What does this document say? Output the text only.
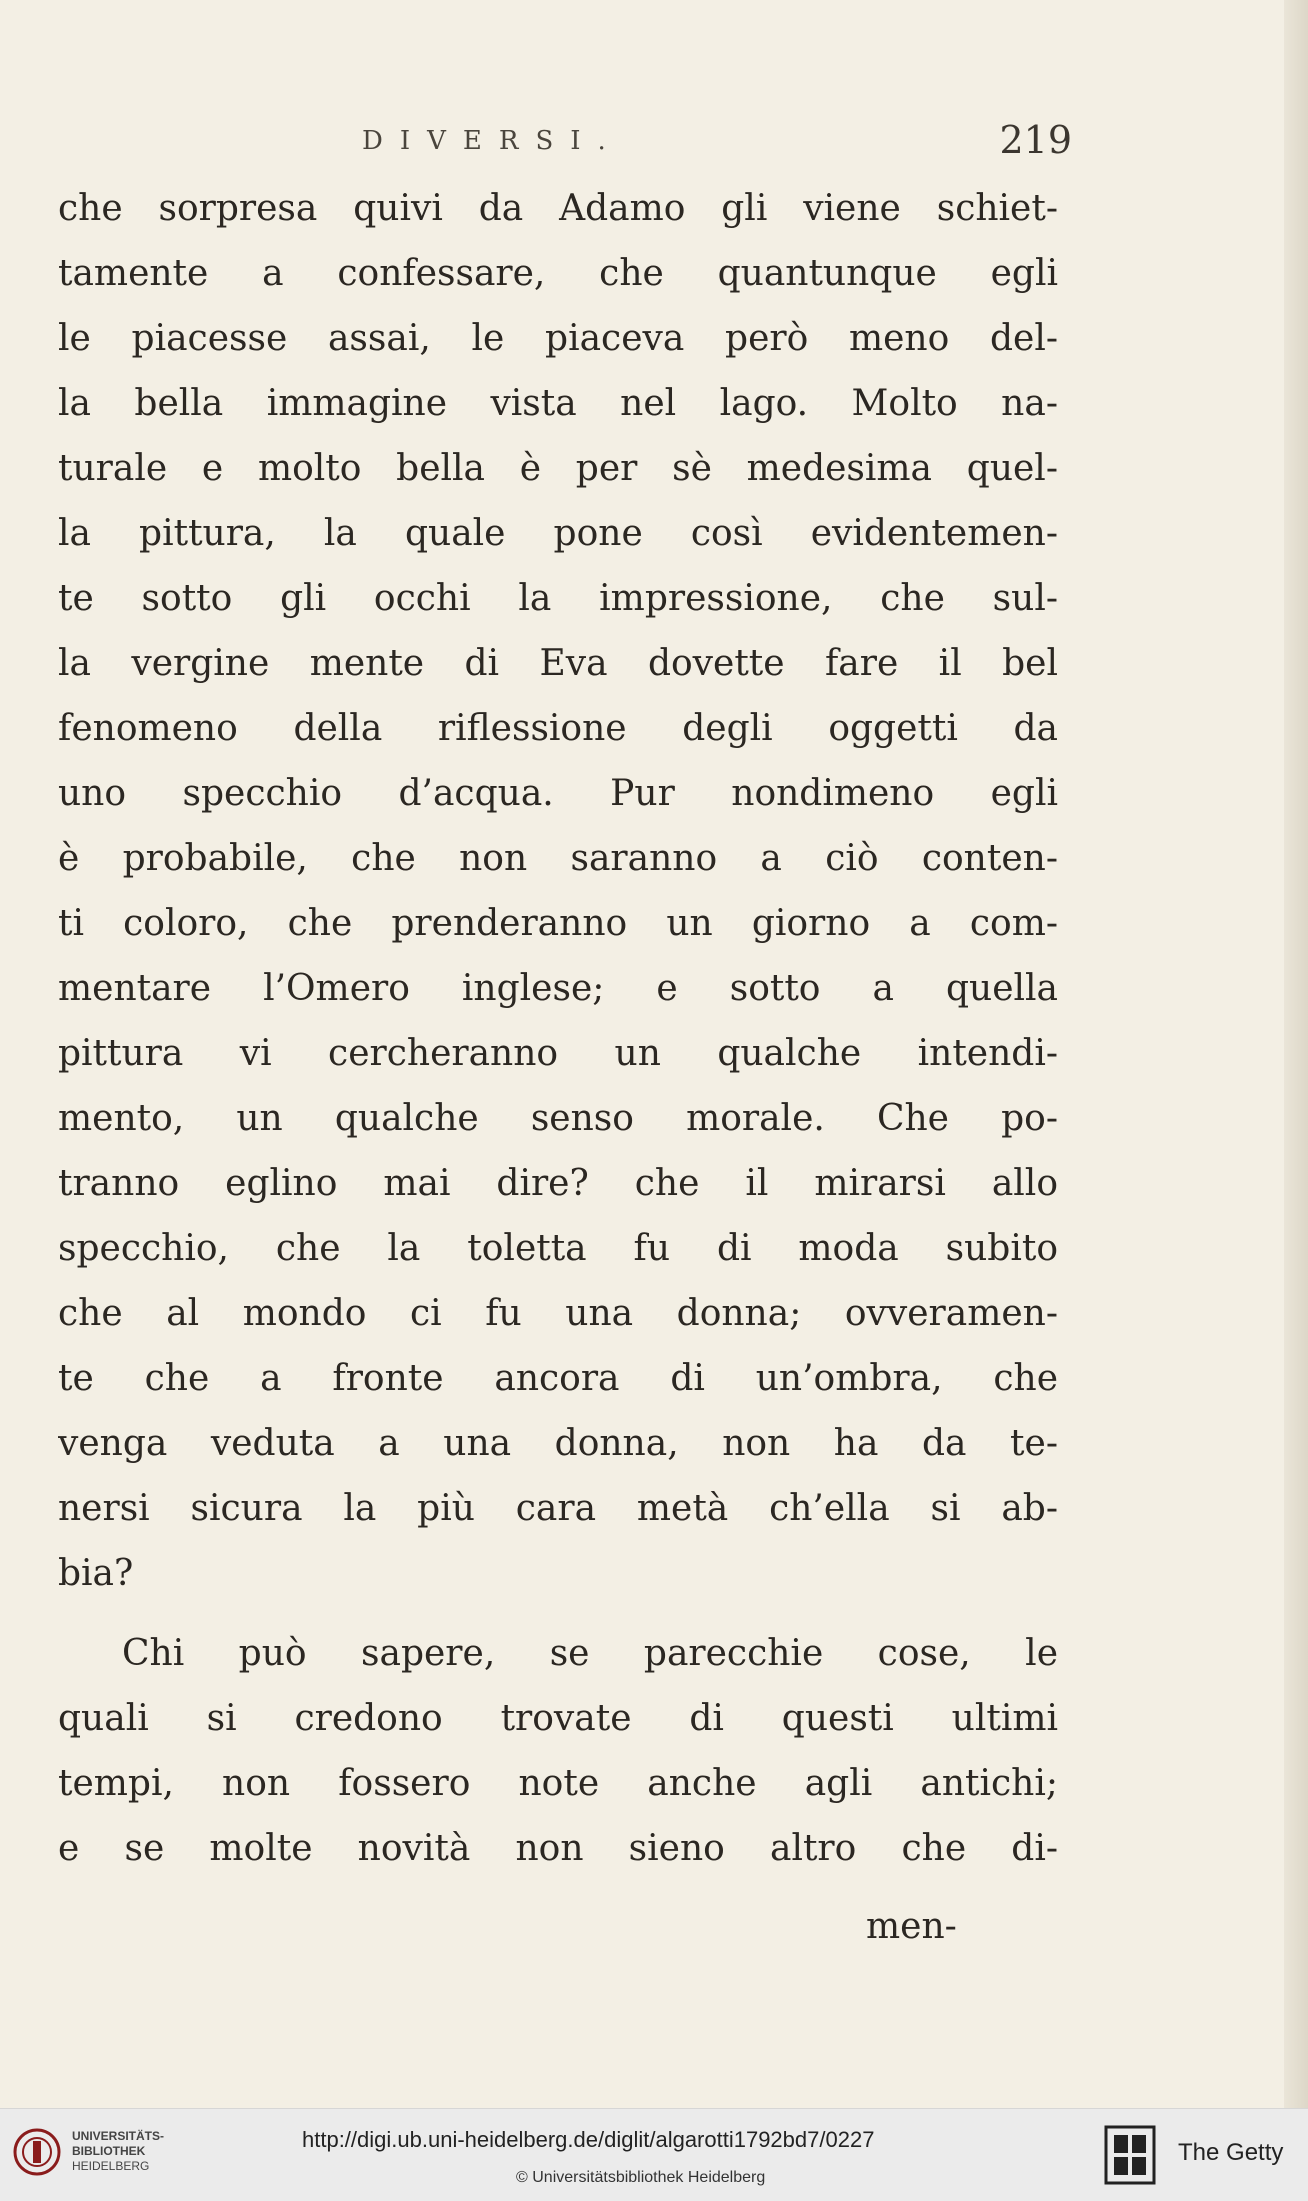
DIVERSI.	219
che sorpresa quivi da Adamo gli viene schiet-
tamente a confessare, che quantunque egli
le piacesse assai, le piaceva però meno del-
la bella immagine vista nel lago. Molto na-
turale e molto bella è per sè medesima quel-
la pittura, la quale pone così evidentemen-
te sotto gli occhi la impressione, che sul-
la vergine mente di Eva dovette fare il bel
fenomeno della riflessione degli oggetti da
uno specchio d’acqua. Pur nondimeno egli
è probabile, che non saranno a ciò conten-
ti coloro, che prenderanno un giorno a com-
mentare l’Omero inglese; e sotto a quella
pittura vi cercheranno un qualche intendi-
mento, un qualche senso morale. Che po-
tranno eglino mai dire? che il mirarsi allo
specchio, che la toletta fu di moda subito
che al mondo ci fu una donna; ovveramen-
te che a fronte ancora di un’ombra, che
venga veduta a una donna, non ha da te-
nersi sicura la più cara metà ch’ella si ab-
bia?
Chi può sapere, se parecchie cose, le
quali si credono trovate di questi ultimi
tempi, non fossero note anche agli antichi;
e se molte novità non sieno altro che di-
men-
UNIVERSITÄTS-
BIBLIOTHEK
HEIDELBERG
http://digi.ub.uni-heidelberg.de/diglit/algarotti1792bd7/0227
© Universitätsbibliothek Heidelberg
The Getty
